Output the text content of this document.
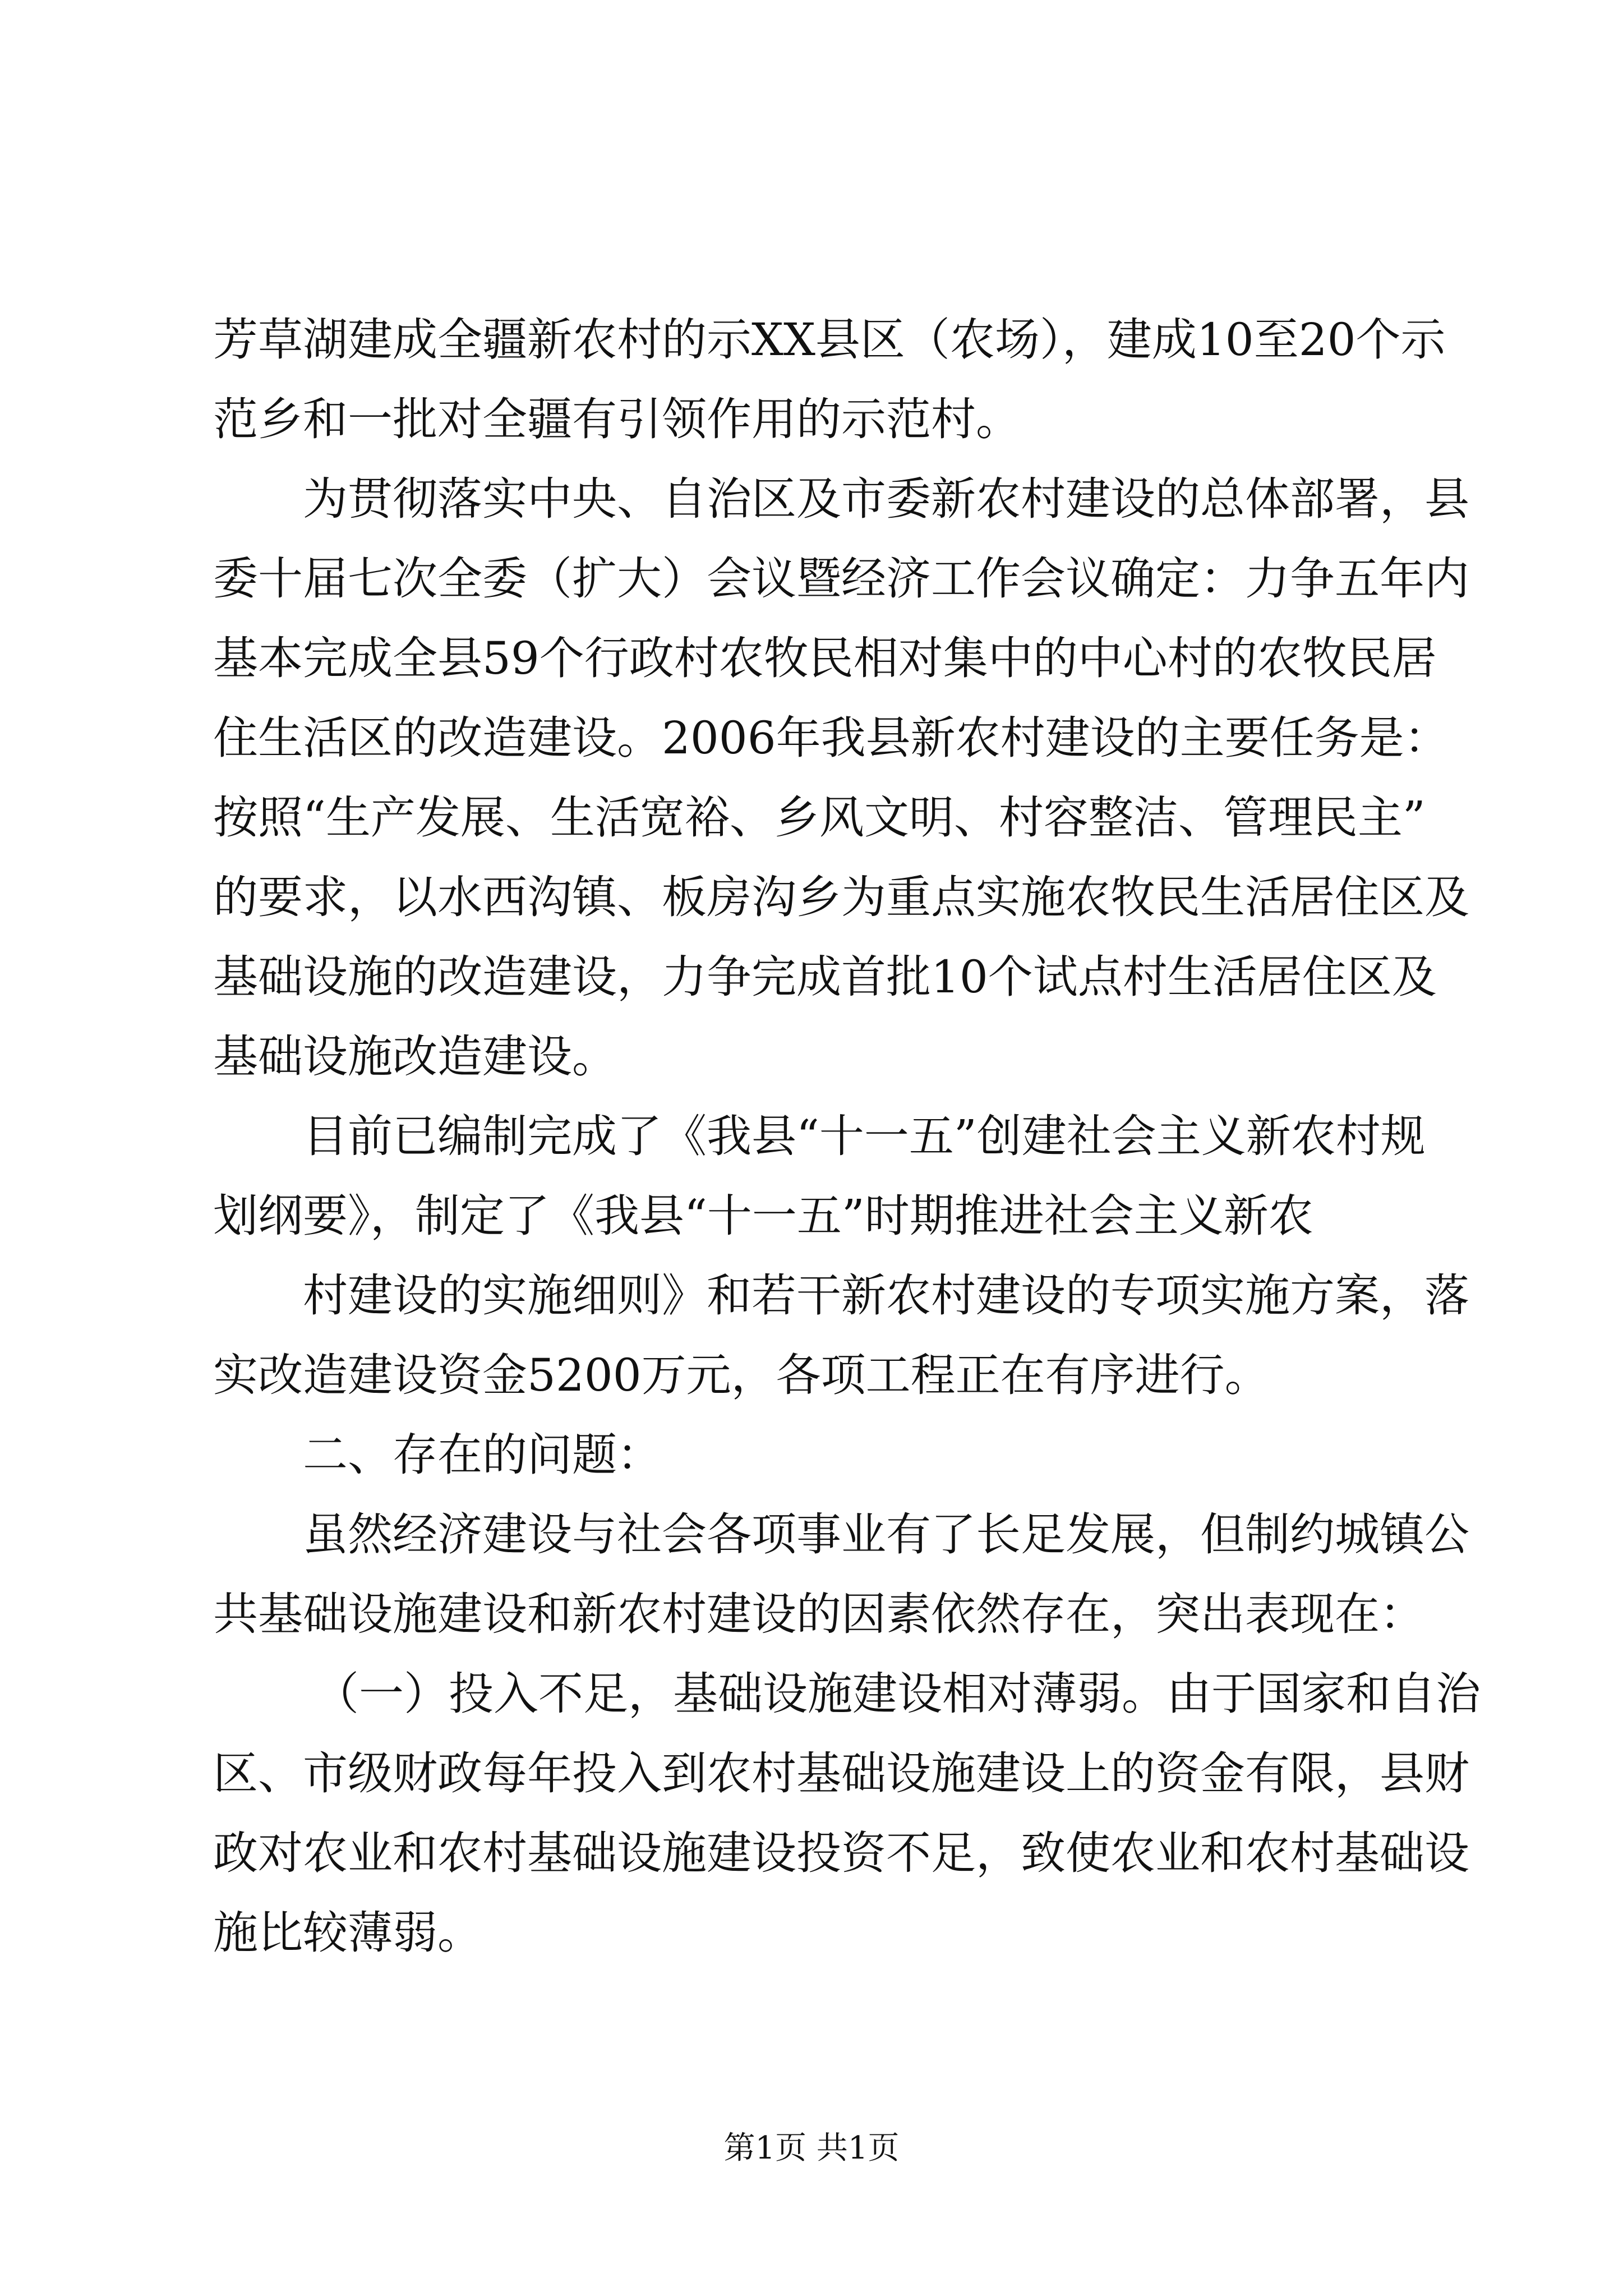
芳草湖建成全疆新农村的示XX县区（农场），建成10至20个示
范乡和一批对全疆有引领作用的示范村。
为贯彻落实中央、自治区及市委新农村建设的总体部署，县
委十届七次全委（扩大）会议暨经济工作会议确定：力争五年内
基本完成全县59个行政村农牧民相对集中的中心村的农牧民居
住生活区的改造建设。2006年我县新农村建设的主要任务是：
按照“生产发展、生活宽裕、乡风文明、村容整洁、管理民主”
的要求，以水西沟镇、板房沟乡为重点实施农牧民生活居住区及
基础设施的改造建设，力争完成首批10个试点村生活居住区及
基础设施改造建设。
目前已编制完成了《我县“十一五”创建社会主义新农村规
划纲要》，制定了《我县“十一五”时期推进社会主义新农
村建设的实施细则》和若干新农村建设的专项实施方案，落
实改造建设资金5200万元，各项工程正在有序进行。
二、存在的问题：
虽然经济建设与社会各项事业有了长足发展，但制约城镇公
共基础设施建设和新农村建设的因素依然存在，突出表现在：
（一）投入不足，基础设施建设相对薄弱。由于国家和自治
区、市级财政每年投入到农村基础设施建设上的资金有限，县财
政对农业和农村基础设施建设投资不足，致使农业和农村基础设
施比较薄弱。
第1页 共1页
